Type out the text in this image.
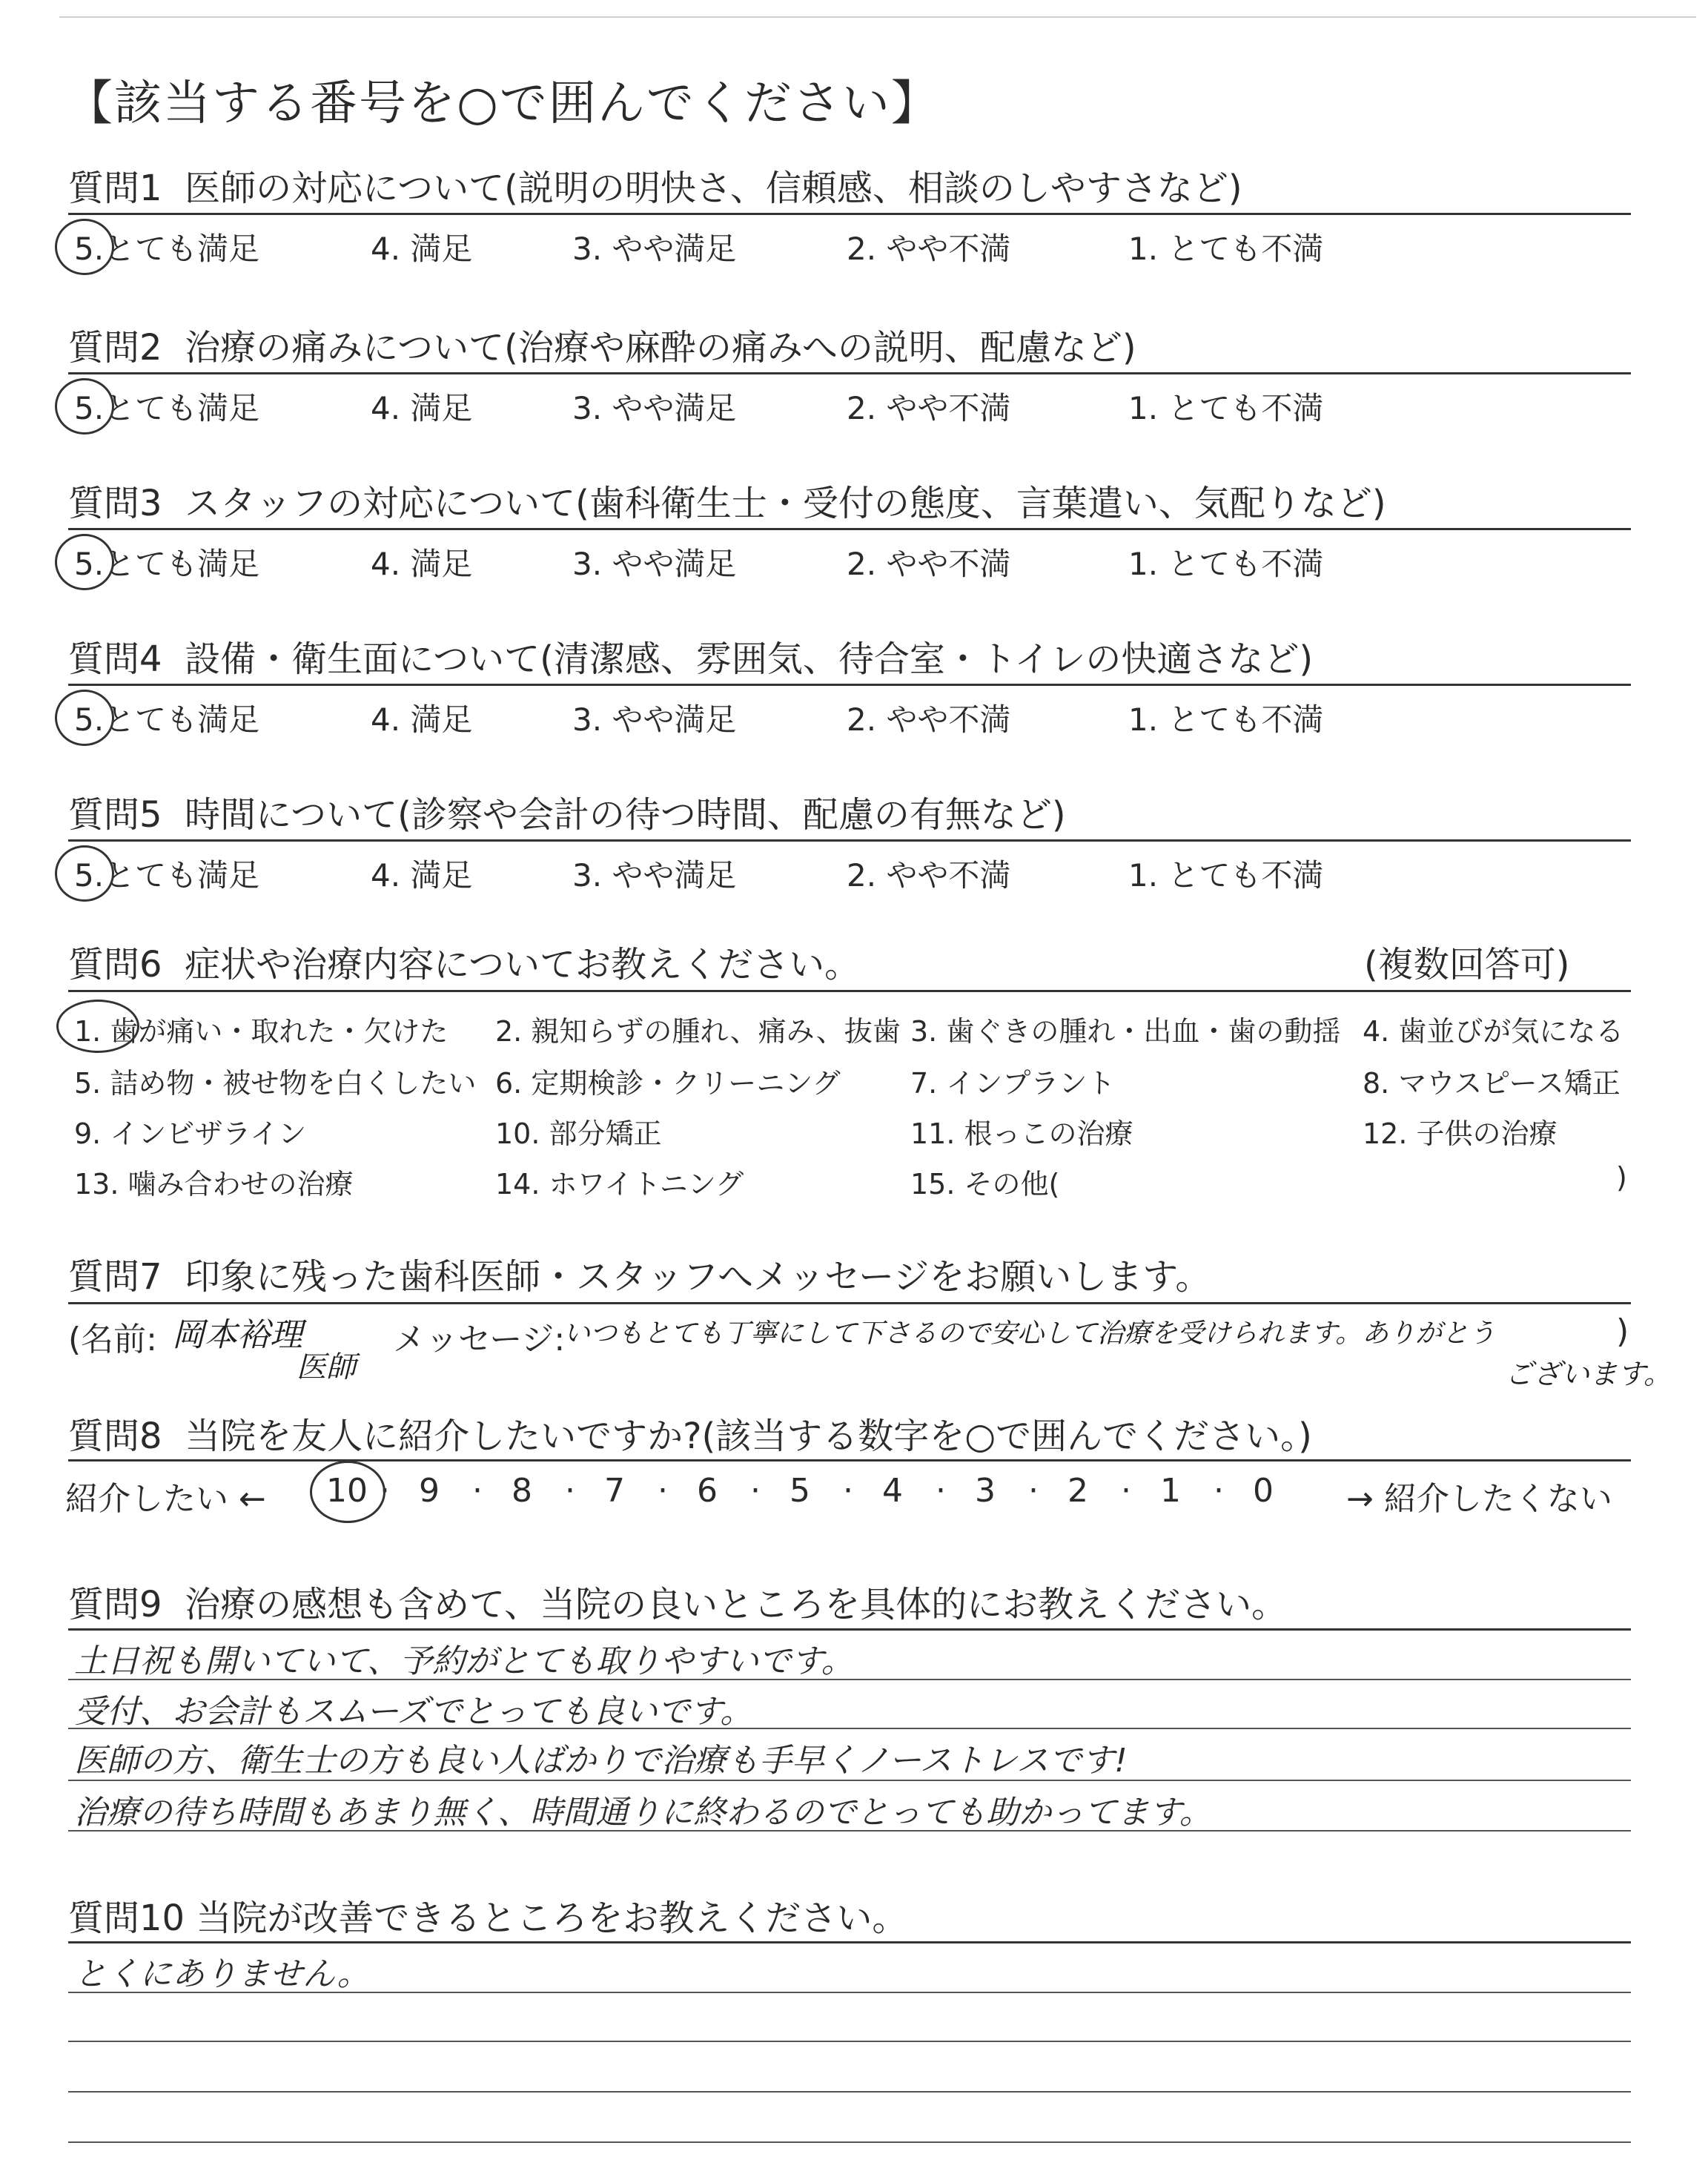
【該当する番号を○で囲んでください】
質問1 医師の対応について(説明の明快さ、信頼感、相談のしやすさなど)
5.とても満足	4. 満足	3. やや満足	2. やや不満	1. とても不満
質問2 治療の痛みについて(治療や麻酔の痛みへの説明、配慮など)
5.とても満足	4. 満足	3. やや満足	2. やや不満	1. とても不満
質問3 スタッフの対応について(歯科衛生士・受付の態度、言葉遣い、気配りなど)
5.とても満足	4. 満足	3. やや満足	2. やや不満	1. とても不満
質問4 設備・衛生面について(清潔感、雰囲気、待合室・トイレの快適さなど)
5.とても満足	4. 満足	3. やや満足	2. やや不満	1. とても不満
質問5 時間について(診察や会計の待つ時間、配慮の有無など)
5.とても満足	4. 満足	3. やや満足	2. やや不満	1. とても不満
質問6 症状や治療内容についてお教えください。	(複数回答可)
1. 歯が痛い・取れた・欠けた 2. 親知らずの腫れ、痛み、抜歯 3. 歯ぐきの腫れ・出血・歯の動揺 4. 歯並びが気になる
5. 詰め物・被せ物を白くしたい 6. 定期検診・クリーニング 7. インプラント	8. マウスピース矯正
9. インビザライン	10. 部分矯正	11. 根っこの治療	12. 子供の治療
13. 噛み合わせの治療	14. ホワイトニング	15. その他(	)
質問7 印象に残った歯科医師・スタッフへメッセージをお願いします。
(名前: 岡本裕理
医師
メッセージ:
いつもとても丁寧にして下さるので安心して治療を受けられます。ありがとう
ございます。
)
質問8 当院を友人に紹介したいですか?(該当する数字を○で囲んでください。)
紹介したい ← 10 · 9 · 8 · 7 · 6 · 5 · 4 · 3 · 2 · 1 · 0 → 紹介したくない
質問9 治療の感想も含めて、当院の良いところを具体的にお教えください。
土日祝も開いていて、予約がとても取りやすいです。
受付、お会計もスムーズでとっても良いです。
医師の方、衛生士の方も良い人ばかりで治療も手早くノーストレスです!
治療の待ち時間もあまり無く、時間通りに終わるのでとっても助かってます。
質問10 当院が改善できるところをお教えください。
とくにありません。
